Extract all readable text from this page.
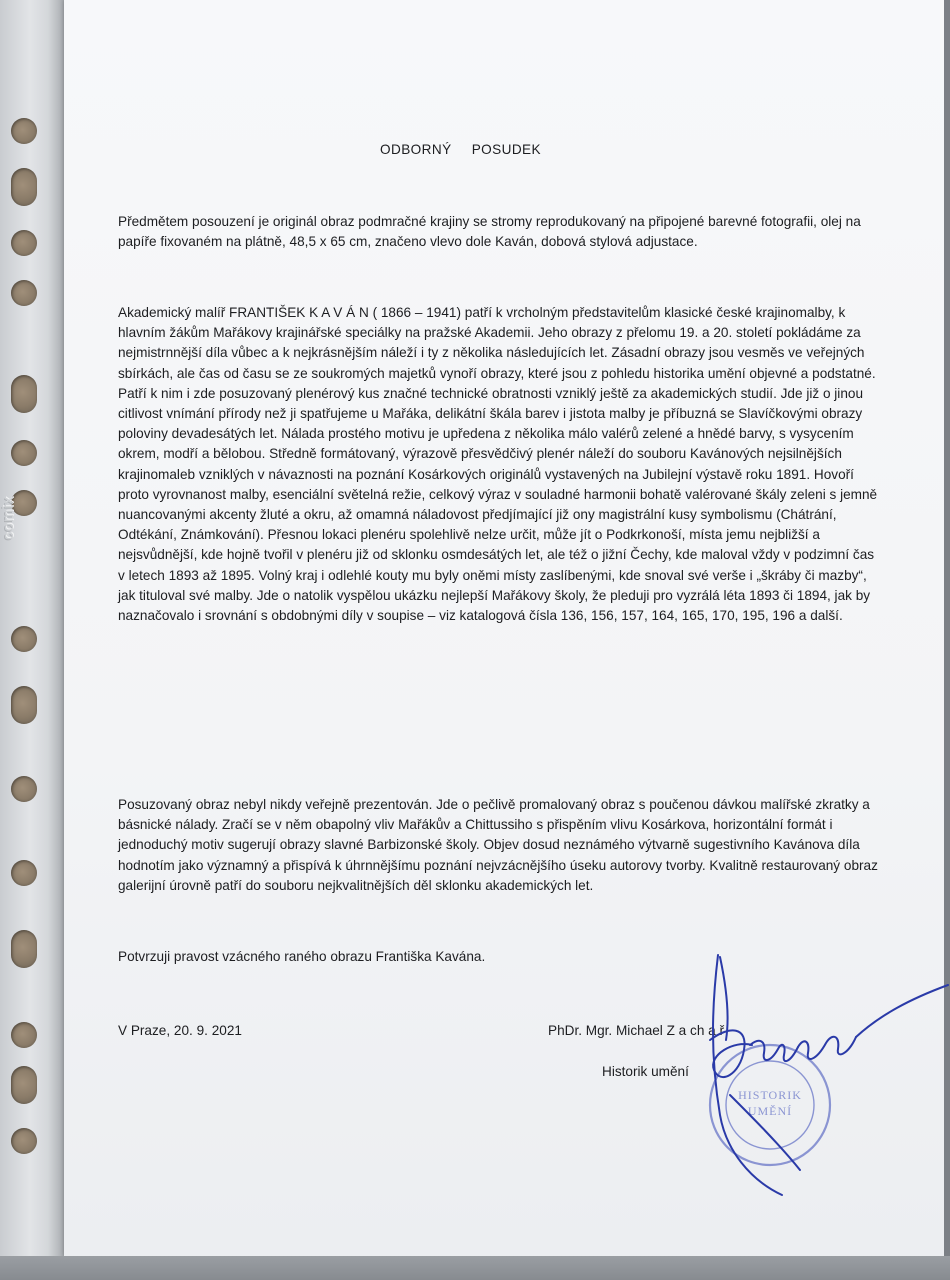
comix
ODBORNÝ POSUDEK

Předmětem posouzení je originál obraz podmračné krajiny se stromy reprodukovaný na připojené barevné fotografii, olej na papíře fixovaném na plátně, 48,5 x 65 cm, značeno vlevo dole Kaván, dobová stylová adjustace.

Akademický malíř FRANTIŠEK K A V Á N ( 1866 – 1941) patří k vrcholným představitelům klasické české krajinomalby, k hlavním žákům Mařákovy krajinářské speciálky na pražské Akademii. Jeho obrazy z přelomu 19. a 20. století pokládáme za nejmistrnnější díla vůbec a k nejkrásnějším náleží i ty z několika následujících let. Zásadní obrazy jsou vesměs ve veřejných sbírkách, ale čas od času se ze soukromých majetků vynoří obrazy, které jsou z pohledu historika umění objevné a podstatné. Patří k nim i zde posuzovaný plenérový kus značné technické obratnosti vzniklý ještě za akademických studií. Jde již o jinou citlivost vnímání přírody než ji spatřujeme u Mařáka, delikátní škála barev i jistota malby je příbuzná se Slavíčkovými obrazy poloviny devadesátých let. Nálada prostého motivu je upředena z několika málo valérů zelené a hnědé barvy, s vysycením okrem, modří a bělobou. Středně formátovaný, výrazově přesvědčivý plenér náleží do souboru Kavánových nejsilnějších krajinomaleb vzniklých v návaznosti na poznání Kosárkových originálů vystavených na Jubilejní výstavě roku 1891. Hovoří proto vyrovnanost malby, esenciální světelná režie, celkový výraz v souladné harmonii bohatě valérované škály zeleni s jemně nuancovanými akcenty žluté a okru, až omamná náladovost předjímající již ony magistrální kusy symbolismu (Chátrání, Odtékání, Známkování). Přesnou lokaci plenéru spolehlivě nelze určit, může jít o Podkrkonoší, místa jemu nejbližší a nejsvůdnější, kde hojně tvořil v plenéru již od sklonku osmdesátých let, ale též o jižní Čechy, kde maloval vždy v podzimní čas v letech 1893 až 1895. Volný kraj i odlehlé kouty mu byly oněmi místy zaslíbenými, kde snoval své verše i „škráby či mazby“, jak tituloval své malby. Jde o natolik vyspělou ukázku nejlepší Mařákovy školy, že pleduji pro vyzrálá léta 1893 či 1894, jak by naznačovalo i srovnání s obdobnými díly v soupise – viz katalogová čísla 136, 156, 157, 164, 165, 170, 195, 196 a další.

Posuzovaný obraz nebyl nikdy veřejně prezentován. Jde o pečlivě promalovaný obraz s poučenou dávkou malířské zkratky a básnické nálady. Zračí se v něm obapolný vliv Mařákův a Chittussiho s přispěním vlivu Kosárkova, horizontální formát i jednoduchý motiv sugerují obrazy slavné Barbizonské školy. Objev dosud neznámého výtvarně sugestivního Kavánova díla hodnotím jako významný a přispívá k úhrnnějšímu poznání nejvzácnějšího úseku autorovy tvorby. Kvalitně restaurovaný obraz galerijní úrovně patří do souboru nejkvalitnějších děl sklonku akademických let.

Potvrzuji pravost vzácného raného obrazu Františka Kavána.

V Praze, 20. 9. 2021	PhDr. Mgr. Michael Z a ch a ř
Historik umění
HISTORIK
UMĚNÍ
